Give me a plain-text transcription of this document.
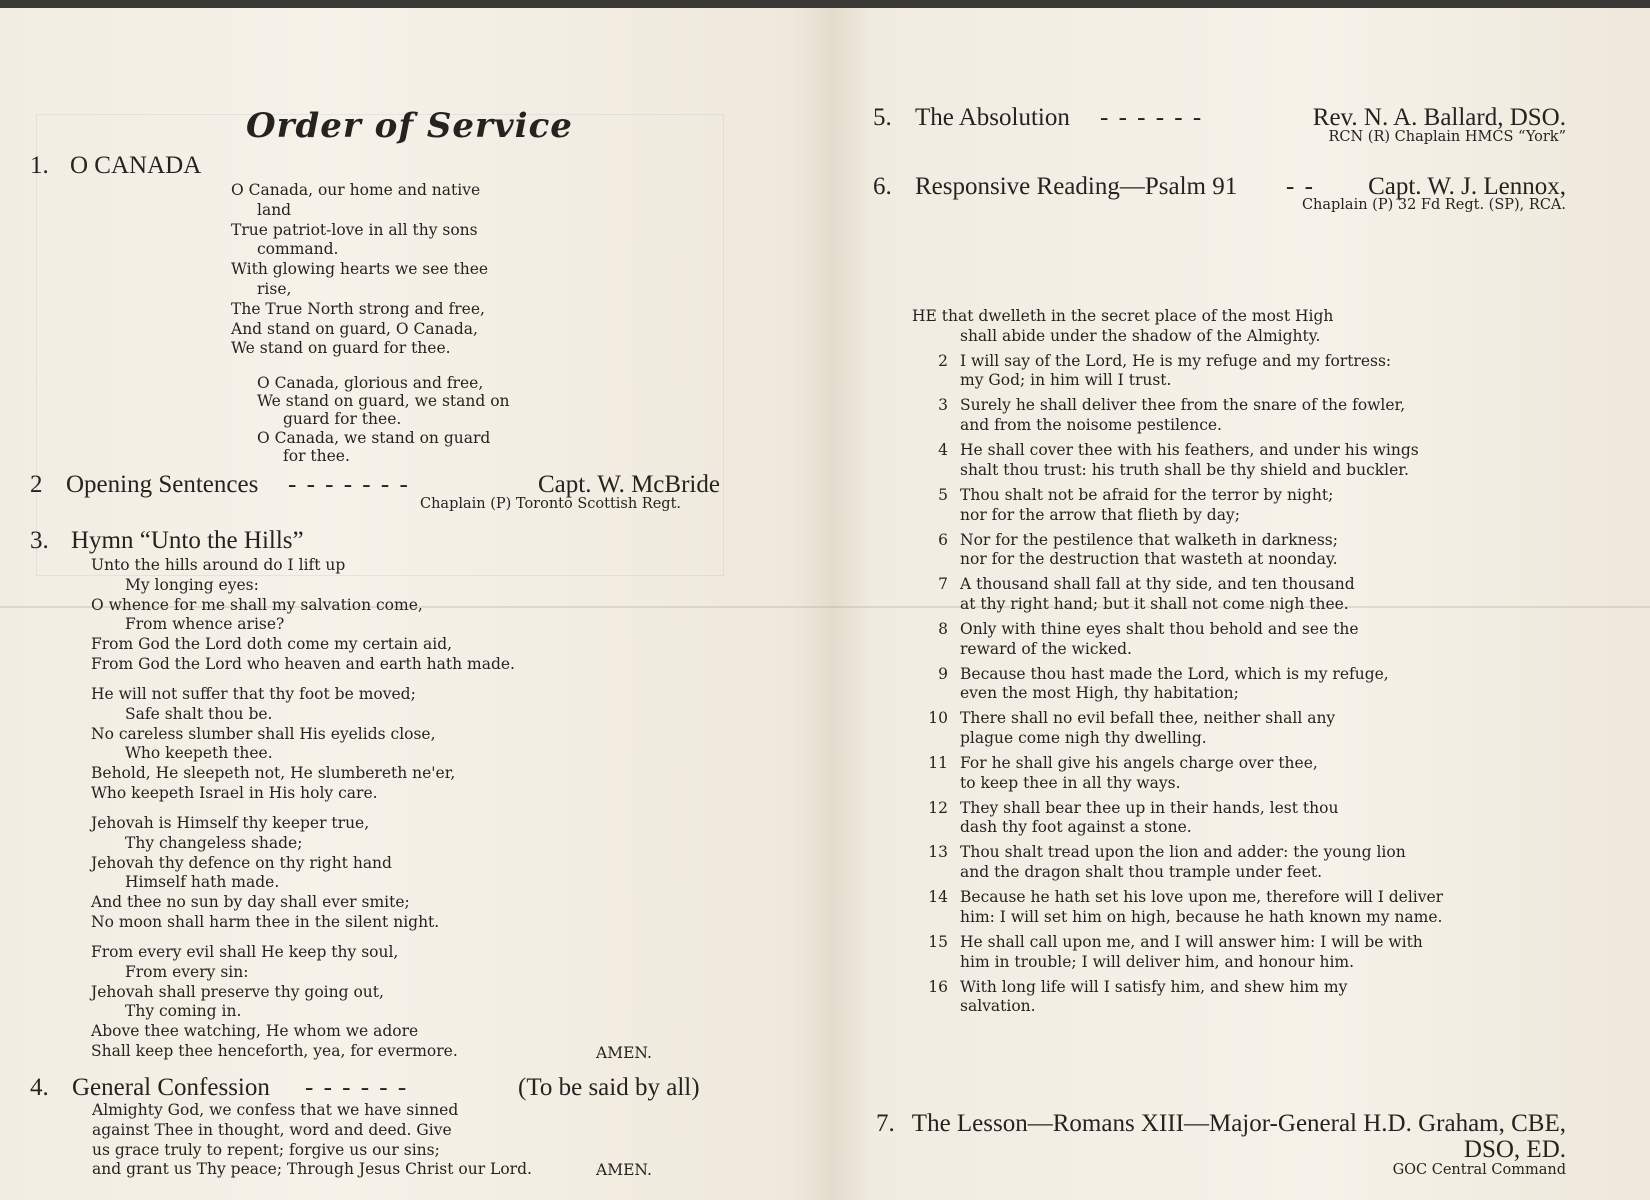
Order of Service
1. O CANADA
O Canada, our home and native
land
True patriot-love in all thy sons
command.
With glowing hearts we see thee
rise,
The True North strong and free,
And stand on guard, O Canada,
We stand on guard for thee.
O Canada, glorious and free,
We stand on guard, we stand on
guard for thee.
O Canada, we stand on guard
for thee.
2 Opening Sentences - - - - - - -	Capt. W. McBride
Chaplain (P) Toronto Scottish Regt.
3. Hymn “Unto the Hills”
Unto the hills around do I lift up
My longing eyes:
O whence for me shall my salvation come,
From whence arise?
From God the Lord doth come my certain aid,
From God the Lord who heaven and earth hath made.
He will not suffer that thy foot be moved;
Safe shalt thou be.
No careless slumber shall His eyelids close,
Who keepeth thee.
Behold, He sleepeth not, He slumbereth ne'er,
Who keepeth Israel in His holy care.
Jehovah is Himself thy keeper true,
Thy changeless shade;
Jehovah thy defence on thy right hand
Himself hath made.
And thee no sun by day shall ever smite;
No moon shall harm thee in the silent night.
From every evil shall He keep thy soul,
From every sin:
Jehovah shall preserve thy going out,
Thy coming in.
Above thee watching, He whom we adore
Shall keep thee henceforth, yea, for evermore.	AMEN.
4. General Confession - - - - - -	(To be said by all)
Almighty God, we confess that we have sinned
against Thee in thought, word and deed. Give
us grace truly to repent; forgive us our sins;
and grant us Thy peace; Through Jesus Christ our Lord.	AMEN.
5. The Absolution - - - - - -	Rev. N. A. Ballard, DSO.
RCN (R) Chaplain HMCS “York”
6. Responsive Reading—Psalm 91 - - Capt. W. J. Lennox,
Chaplain (P) 32 Fd Regt. (SP), RCA.
HE that dwelleth in the secret place of the most High
shall abide under the shadow of the Almighty.
2 I will say of the Lord, He is my refuge and my fortress:
my God; in him will I trust.
3 Surely he shall deliver thee from the snare of the fowler,
and from the noisome pestilence.
4 He shall cover thee with his feathers, and under his wings
shalt thou trust: his truth shall be thy shield and buckler.
5 Thou shalt not be afraid for the terror by night;
nor for the arrow that flieth by day;
6 Nor for the pestilence that walketh in darkness;
nor for the destruction that wasteth at noonday.
7 A thousand shall fall at thy side, and ten thousand
at thy right hand; but it shall not come nigh thee.
8 Only with thine eyes shalt thou behold and see the
reward of the wicked.
9 Because thou hast made the Lord, which is my refuge,
even the most High, thy habitation;
10 There shall no evil befall thee, neither shall any
plague come nigh thy dwelling.
11 For he shall give his angels charge over thee,
to keep thee in all thy ways.
12 They shall bear thee up in their hands, lest thou
dash thy foot against a stone.
13 Thou shalt tread upon the lion and adder: the young lion
and the dragon shalt thou trample under feet.
14 Because he hath set his love upon me, therefore will I deliver
him: I will set him on high, because he hath known my name.
15 He shall call upon me, and I will answer him: I will be with
him in trouble; I will deliver him, and honour him.
16 With long life will I satisfy him, and shew him my
salvation.
7. The Lesson—Romans XIII—Major-General H.D. Graham, CBE,
DSO, ED.
GOC Central Command
